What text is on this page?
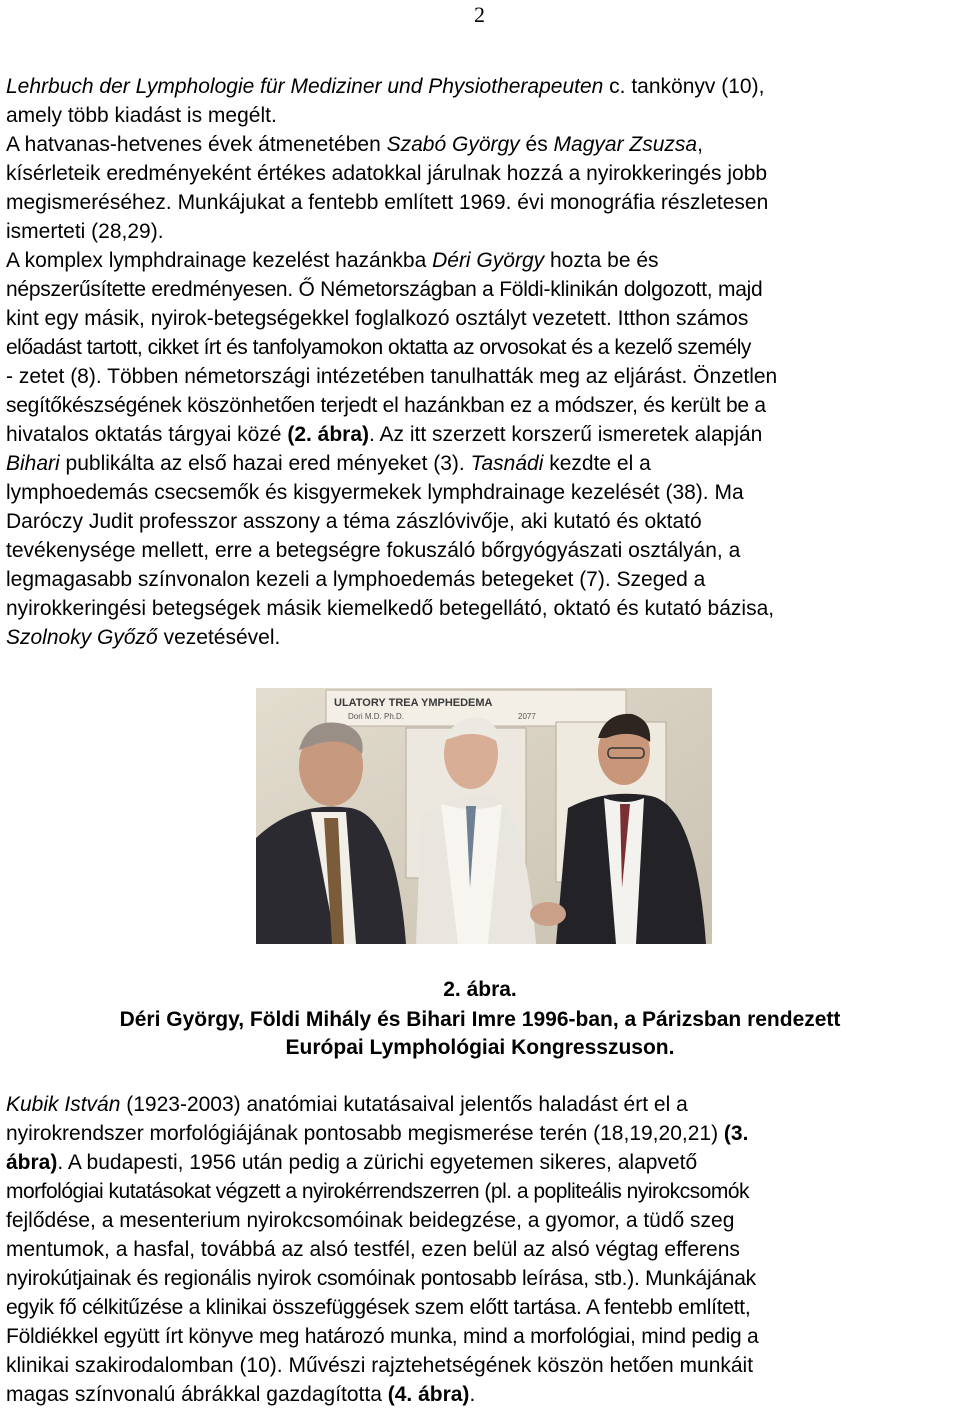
2

Lehrbuch der Lymphologie für Mediziner und Physiotherapeuten c. tankönyv (10),
amely több kiadást is megélt.
A hatvanas-hetvenes évek átmenetében Szabó György és Magyar Zsuzsa,
kísérleteik eredményeként értékes adatokkal járulnak hozzá a nyirokkeringés jobb
megismeréséhez. Munkájukat a fentebb említett 1969. évi monográfia részletesen
ismerteti (28,29).
A komplex lymphdrainage kezelést hazánkba Déri György hozta be és
népszerűsítette eredményesen. Ő Németországban a Földi-klinikán dolgozott, majd
kint egy másik, nyirok-betegségekkel foglalkozó osztályt vezetett. Itthon számos
előadást tartott, cikket írt és tanfolyamokon oktatta az orvosokat és a kezelő személy
- zetet (8). Többen németországi intézetében tanulhatták meg az eljárást. Önzetlen
segítőkészségének köszönhetően terjedt el hazánkban ez a módszer, és került be a
hivatalos oktatás tárgyai közé (2. ábra). Az itt szerzett korszerű ismeretek alapján
Bihari publikálta az első hazai ered ményeket (3). Tasnádi kezdte el a
lymphoedemás csecsemők és kisgyermekek lymphdrainage kezelését (38). Ma
Daróczy Judit professzor asszony a téma zászlóvivője, aki kutató és oktató
tevékenysége mellett, erre a betegségre fokuszáló bőrgyógyászati osztályán, a
legmagasabb színvonalon kezeli a lymphoedemás betegeket (7). Szeged a
nyirokkeringési betegségek másik kiemelkedő betegellátó, oktató és kutató bázisa,
Szolnoky Győző vezetésével.

ULATORY TREA YMPHEDEMA
Dori M.D. Ph.D.	2077
2. ábra.
Déri György, Földi Mihály és Bihari Imre 1996-ban, a Párizsban rendezett
Európai Lymphológiai Kongresszuson.

Kubik István (1923-2003) anatómiai kutatásaival jelentős haladást ért el a
nyirokrendszer morfológiájának pontosabb megismerése terén (18,19,20,21) (3.
ábra). A budapesti, 1956 után pedig a zürichi egyetemen sikeres, alapvető
morfológiai kutatásokat végzett a nyirokérrendszerren (pl. a popliteális nyirokcsomók
fejlődése, a mesenterium nyirokcsomóinak beidegzése, a gyomor, a tüdő szeg
mentumok, a hasfal, továbbá az alsó testfél, ezen belül az alsó végtag efferens
nyirokútjainak és regionális nyirok csomóinak pontosabb leírása, stb.). Munkájának
egyik fő célkitűzése a klinikai összefüggések szem előtt tartása. A fentebb említett,
Földiékkel együtt írt könyve meg határozó munka, mind a morfológiai, mind pedig a
klinikai szakirodalomban (10). Művészi rajztehetségének köszön hetően munkáit
magas színvonalú ábrákkal gazdagította (4. ábra).
